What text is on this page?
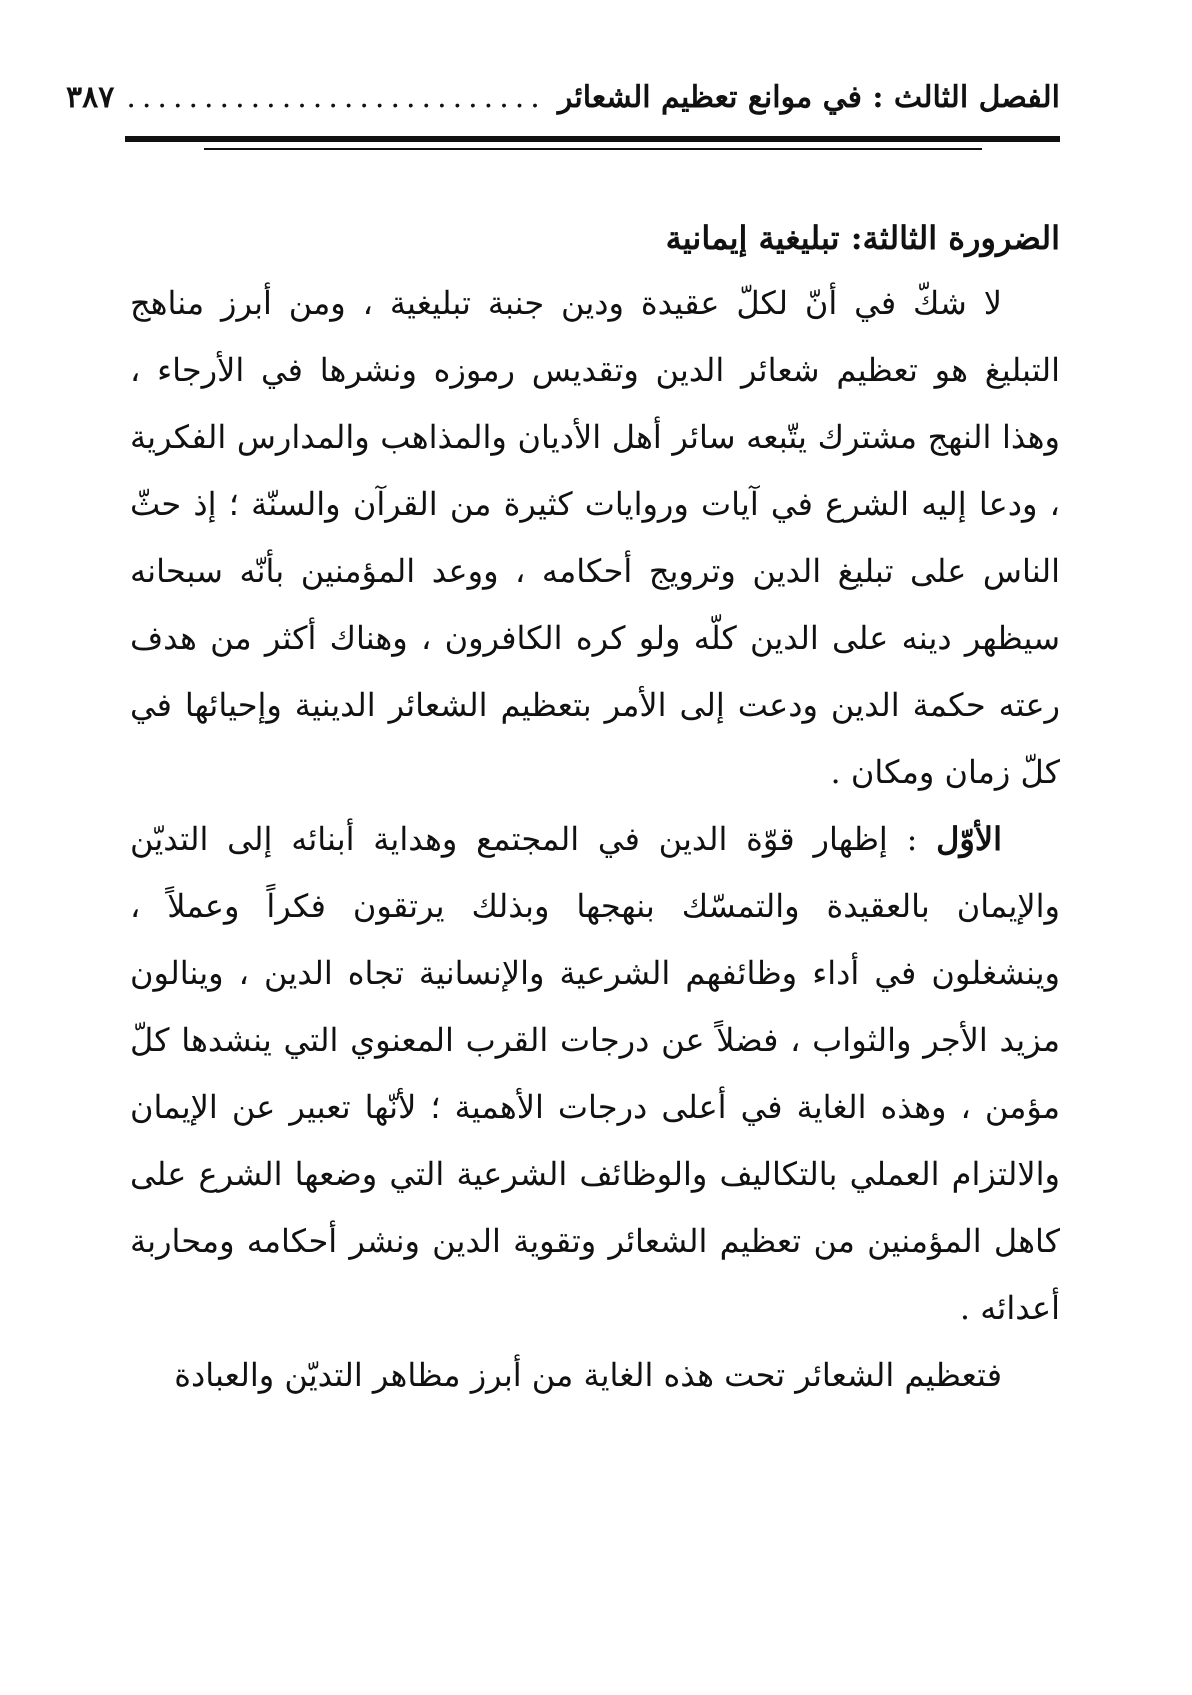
الفصل الثالث : في موانع تعظيم الشعائر
...........................
٣٨٧
الضرورة الثالثة: تبليغية إيمانية

لا شكّ في أنّ لكلّ عقيدة ودين جنبة تبليغية ، ومن أبرز مناهج التبليغ هو تعظيم شعائر الدين وتقديس رموزه ونشرها في الأرجاء ، وهذا النهج مشترك يتّبعه سائر أهل الأديان والمذاهب والمدارس الفكرية ، ودعا إليه الشرع في آيات وروايات كثيرة من القرآن والسنّة ؛ إذ حثّ الناس على تبليغ الدين وترويج أحكامه ، ووعد المؤمنين بأنّه سبحانه سيظهر دينه على الدين كلّه ولو كره الكافرون ، وهناك أكثر من هدف رعته حكمة الدين ودعت إلى الأمر بتعظيم الشعائر الدينية وإحيائها في كلّ زمان ومكان .

الأوّل : إظهار قوّة الدين في المجتمع وهداية أبنائه إلى التديّن والإيمان بالعقيدة والتمسّك بنهجها وبذلك يرتقون فكراً وعملاً ، وينشغلون في أداء وظائفهم الشرعية والإنسانية تجاه الدين ، وينالون مزيد الأجر والثواب ، فضلاً عن درجات القرب المعنوي التي ينشدها كلّ مؤمن ، وهذه الغاية في أعلى درجات الأهمية ؛ لأنّها تعبير عن الإيمان والالتزام العملي بالتكاليف والوظائف الشرعية التي وضعها الشرع على كاهل المؤمنين من تعظيم الشعائر وتقوية الدين ونشر أحكامه ومحاربة أعدائه .

فتعظيم الشعائر تحت هذه الغاية من أبرز مظاهر التديّن والعبادة
